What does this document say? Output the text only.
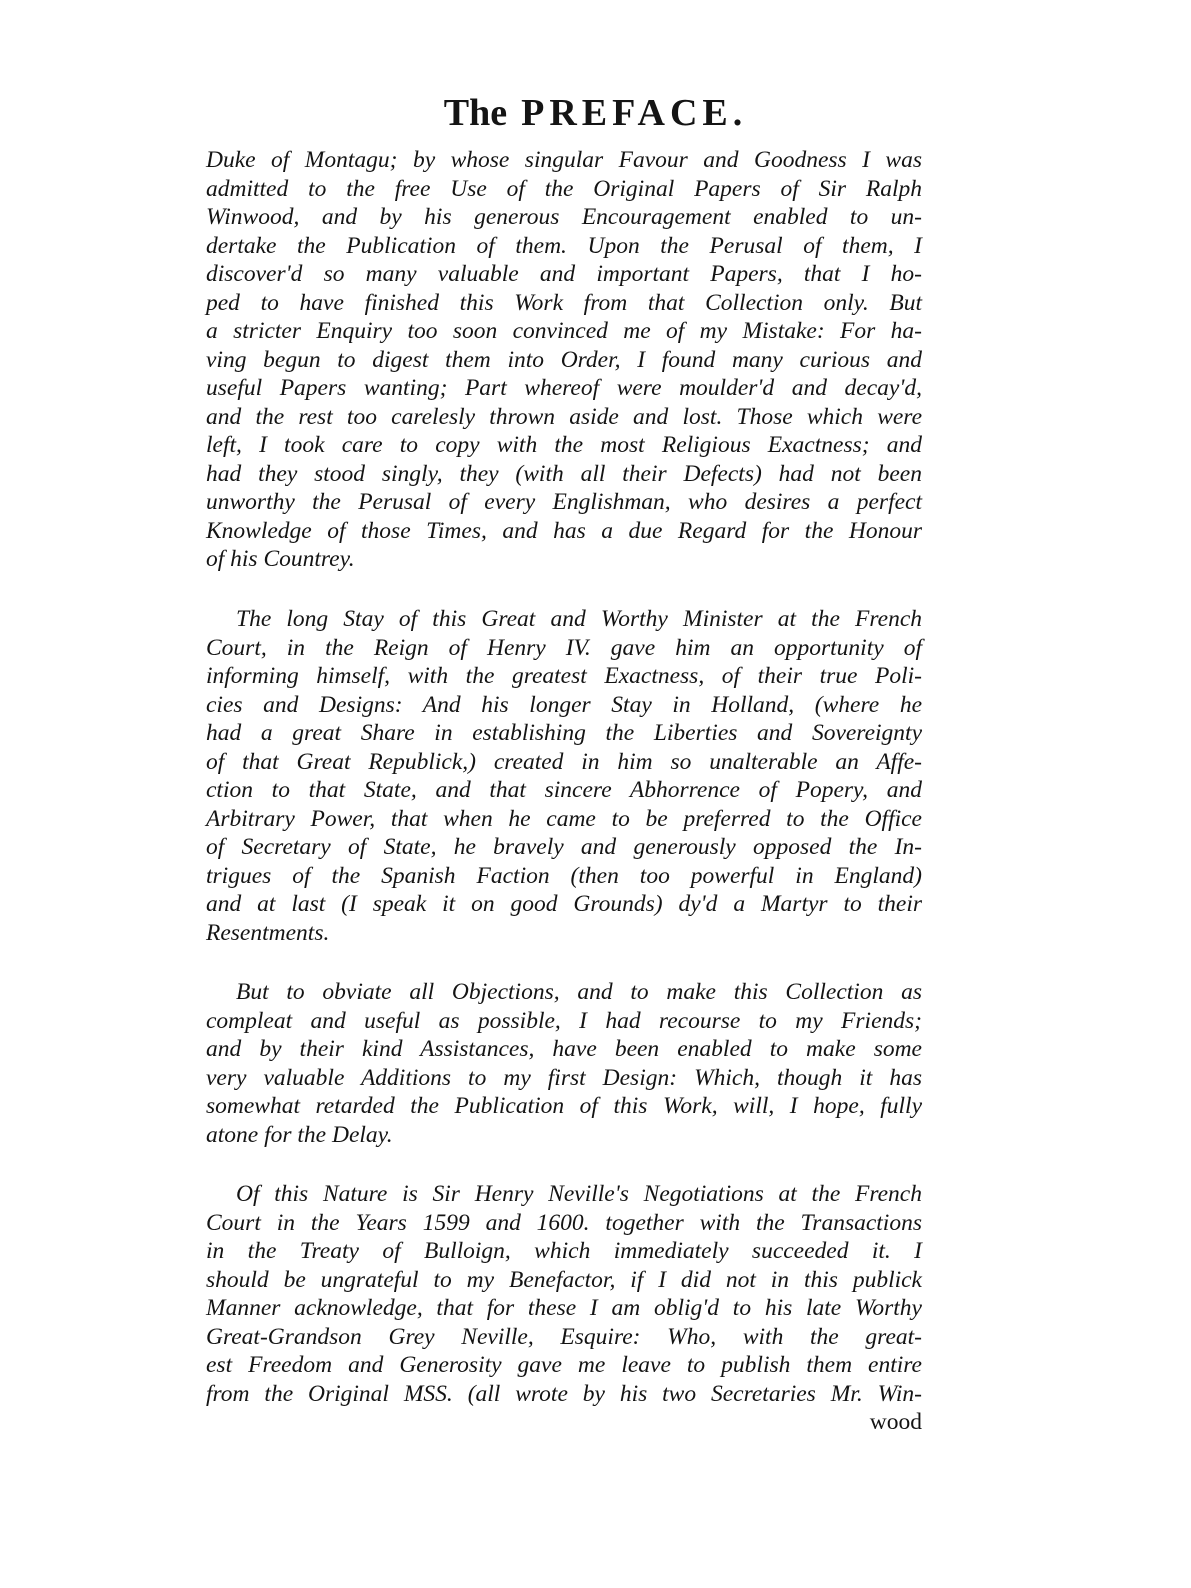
The PREFACE.
Duke of Montagu; by whose singular Favour and Goodness I was
admitted to the free Use of the Original Papers of Sir Ralph
Winwood, and by his generous Encouragement enabled to un-
dertake the Publication of them. Upon the Perusal of them, I
discover'd so many valuable and important Papers, that I ho-
ped to have finished this Work from that Collection only. But
a stricter Enquiry too soon convinced me of my Mistake: For ha-
ving begun to digest them into Order, I found many curious and
useful Papers wanting; Part whereof were moulder'd and decay'd,
and the rest too carelesly thrown aside and lost. Those which were
left, I took care to copy with the most Religious Exactness; and
had they stood singly, they (with all their Defects) had not been
unworthy the Perusal of every Englishman, who desires a perfect
Knowledge of those Times, and has a due Regard for the Honour
of his Countrey.
The long Stay of this Great and Worthy Minister at the French
Court, in the Reign of Henry IV. gave him an opportunity of
informing himself, with the greatest Exactness, of their true Poli-
cies and Designs: And his longer Stay in Holland, (where he
had a great Share in establishing the Liberties and Sovereignty
of that Great Republick,) created in him so unalterable an Affe-
ction to that State, and that sincere Abhorrence of Popery, and
Arbitrary Power, that when he came to be preferred to the Office
of Secretary of State, he bravely and generously opposed the In-
trigues of the Spanish Faction (then too powerful in England)
and at last (I speak it on good Grounds) dy'd a Martyr to their
Resentments.
But to obviate all Objections, and to make this Collection as
compleat and useful as possible, I had recourse to my Friends;
and by their kind Assistances, have been enabled to make some
very valuable Additions to my first Design: Which, though it has
somewhat retarded the Publication of this Work, will, I hope, fully
atone for the Delay.
Of this Nature is Sir Henry Neville's Negotiations at the French
Court in the Years 1599 and 1600. together with the Transactions
in the Treaty of Bulloign, which immediately succeeded it. I
should be ungrateful to my Benefactor, if I did not in this publick
Manner acknowledge, that for these I am oblig'd to his late Worthy
Great-Grandson Grey Neville, Esquire: Who, with the great-
est Freedom and Generosity gave me leave to publish them entire
from the Original MSS. (all wrote by his two Secretaries Mr. Win-
wood
